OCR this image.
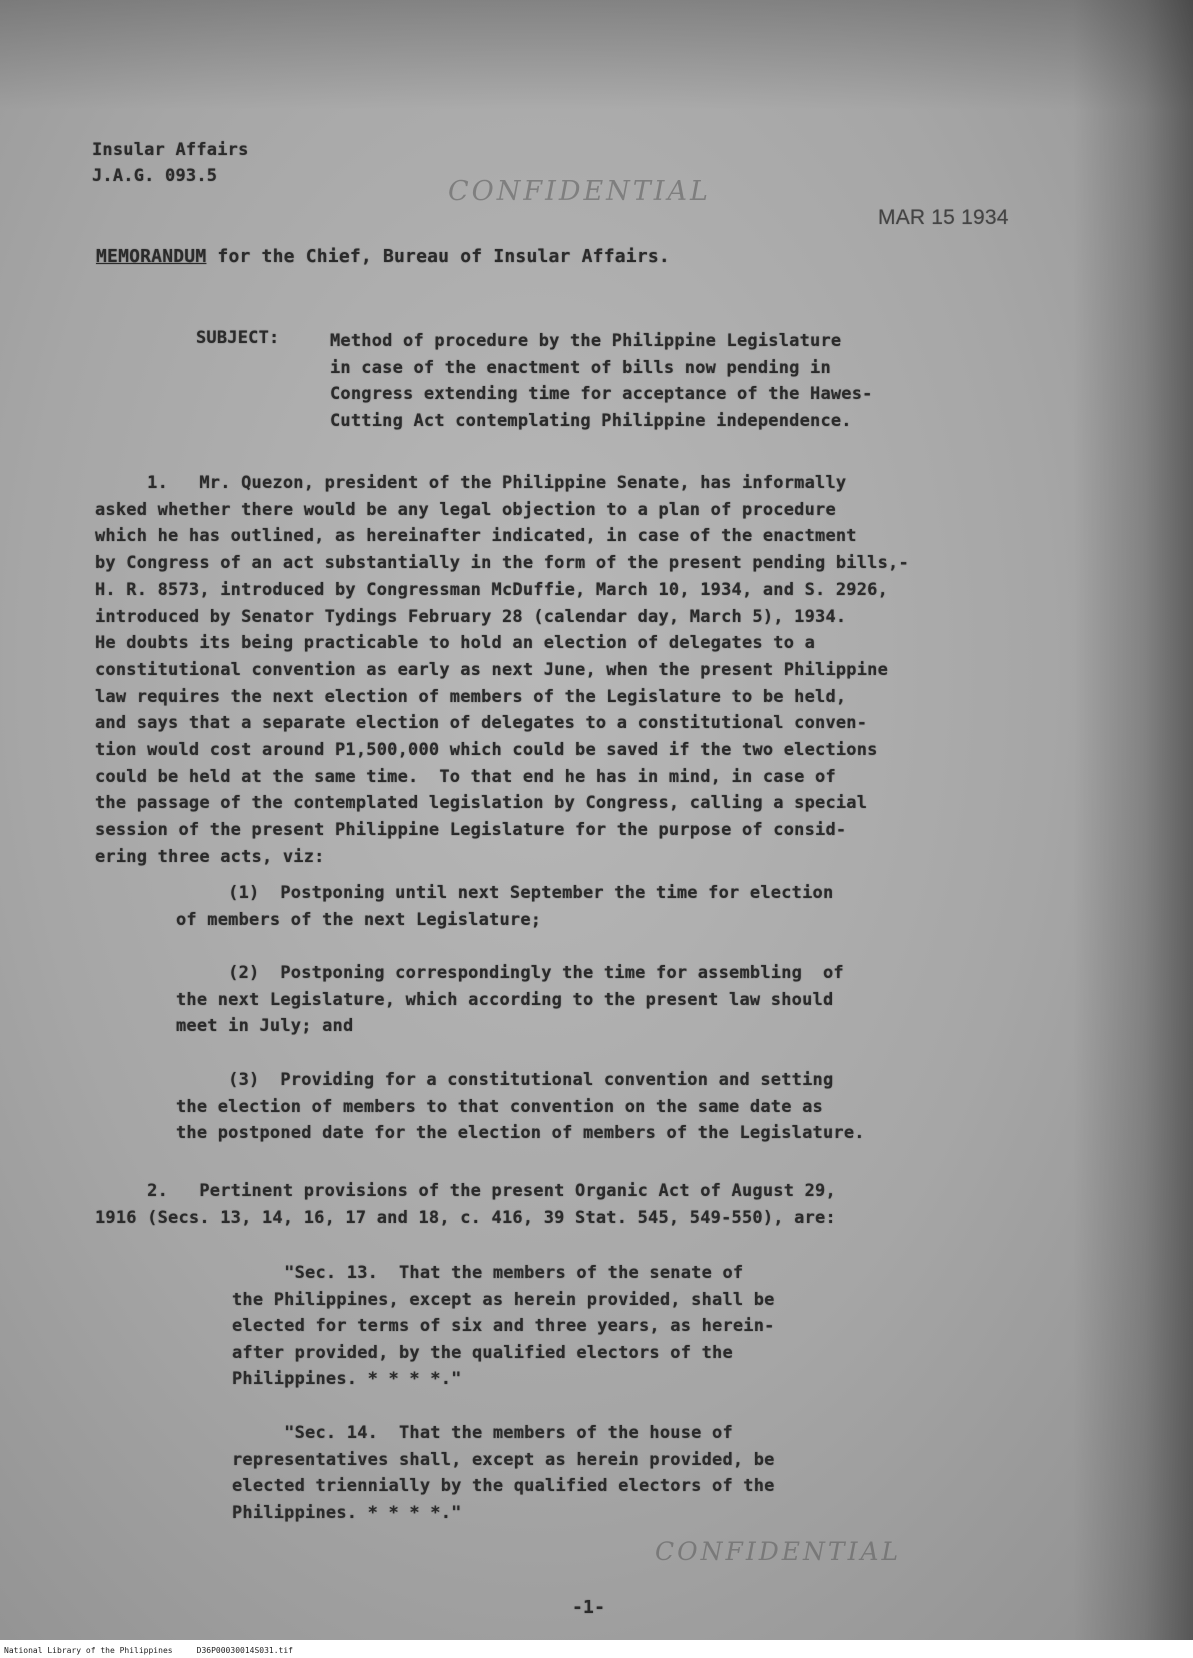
Insular Affairs
J.A.G. 093.5	CONFIDENTIAL
MAR 15 1934
MEMORANDUM for the Chief, Bureau of Insular Affairs.
SUBJECT:	Method of procedure by the Philippine Legislature
in case of the enactment of bills now pending in
Congress extending time for acceptance of the Hawes-
Cutting Act contemplating Philippine independence.
1.   Mr. Quezon, president of the Philippine Senate, has informally
asked whether there would be any legal objection to a plan of procedure
which he has outlined, as hereinafter indicated, in case of the enactment
by Congress of an act substantially in the form of the present pending bills,-
H. R. 8573, introduced by Congressman McDuffie, March 10, 1934, and S. 2926,
introduced by Senator Tydings February 28 (calendar day, March 5), 1934.
He doubts its being practicable to hold an election of delegates to a
constitutional convention as early as next June, when the present Philippine
law requires the next election of members of the Legislature to be held,
and says that a separate election of delegates to a constitutional conven-
tion would cost around P1,500,000 which could be saved if the two elections
could be held at the same time.  To that end he has in mind, in case of
the passage of the contemplated legislation by Congress, calling a special
session of the present Philippine Legislature for the purpose of consid-
ering three acts, viz:
(1)  Postponing until next September the time for election
of members of the next Legislature;
(2)  Postponing correspondingly the time for assembling  of
the next Legislature, which according to the present law should
meet in July; and
(3)  Providing for a constitutional convention and setting
the election of members to that convention on the same date as
the postponed date for the election of members of the Legislature.
2.   Pertinent provisions of the present Organic Act of August 29,
1916 (Secs. 13, 14, 16, 17 and 18, c. 416, 39 Stat. 545, 549-550), are:
"Sec. 13.  That the members of the senate of
the Philippines, except as herein provided, shall be
elected for terms of six and three years, as herein-
after provided, by the qualified electors of the
Philippines. * * * *."
"Sec. 14.  That the members of the house of
representatives shall, except as herein provided, be
elected triennially by the qualified electors of the
Philippines. * * * *."
CONFIDENTIAL
-1-
National Library of the Philippines     D36P00030014S031.tif
